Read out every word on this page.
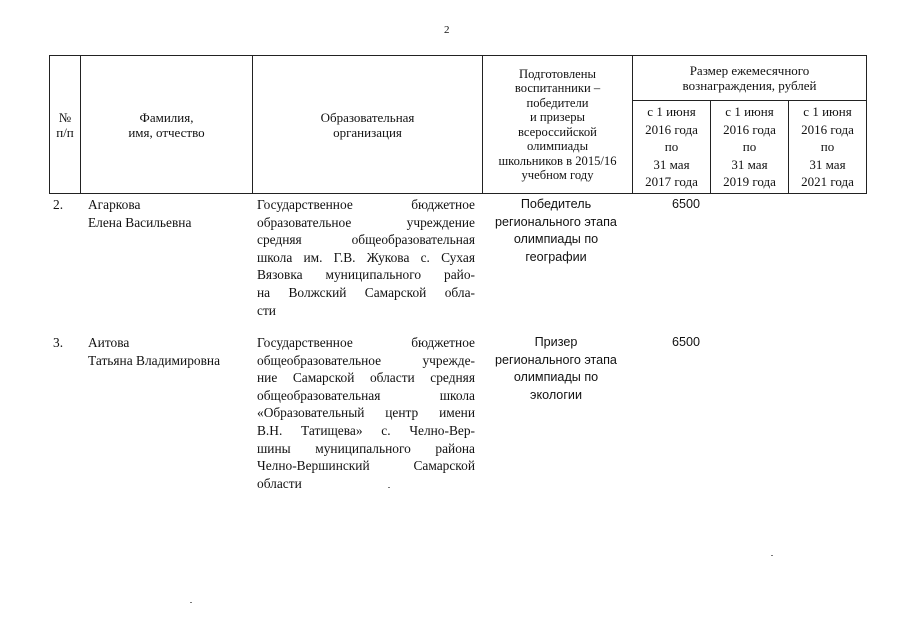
2
№
п/п
Фамилия,
имя, отчество
Образовательная
организация
Подготовлены
воспитанники –
победители
и призеры
всероссийской
олимпиады
школьников в 2015/16
учебном году
Размер ежемесячного
вознаграждения, рублей
с 1 июня
2016 года
по
31 мая
2017 года
с 1 июня
2016 года
по
31 мая
2019 года
с 1 июня
2016 года
по
31 мая
2021 года
2. Агаркова
Елена Васильевна
Государственное бюджетное
образовательное учреждение
средняя общеобразовательная
школа им. Г.В. Жукова с. Сухая
Вязовка муниципального райо-
на Волжский Самарской обла-
сти
Победитель
регионального этапа
олимпиады по
географии
6500
3. Аитова
Татьяна Владимировна
Государственное бюджетное
общеобразовательное учрежде-
ние Самарской области средняя
общеобразовательная школа
«Образовательный центр имени
В.Н. Татищева» с. Челно-Вер-
шины муниципального района
Челно-Вершинский Самарской
области
Призер
регионального этапа
олимпиады по
экологии
6500
